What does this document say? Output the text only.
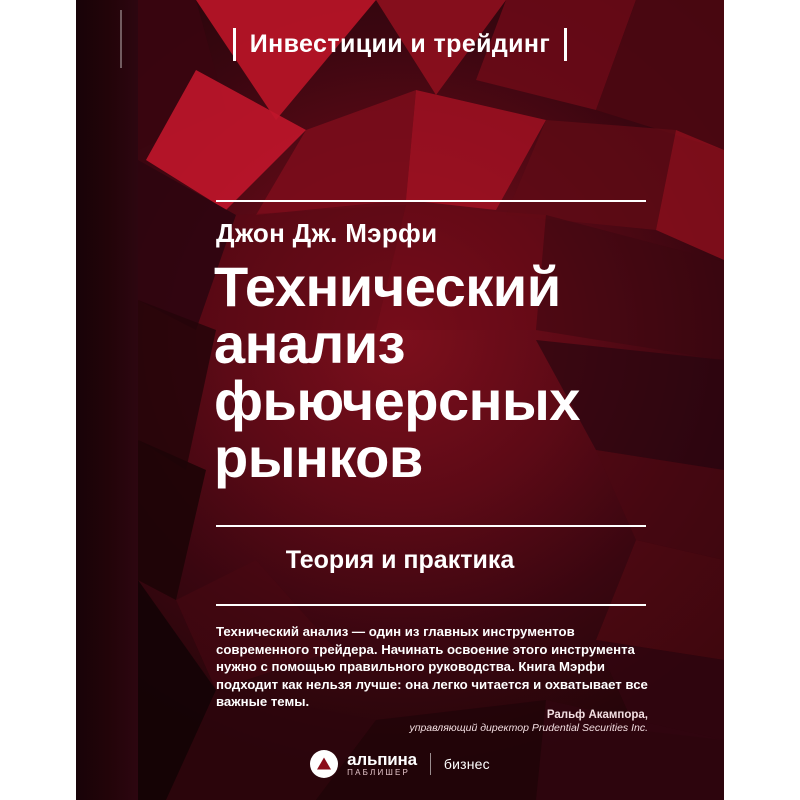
Инвестиции и трейдинг
Джон Дж. Мэрфи
Технический
анализ
фьючерсных
рынков
Теория и практика

Технический анализ — один из главных инструментов современного трейдера. Начинать освоение этого инструмента нужно с помощью правильного руководства. Книга Мэрфи подходит как нельзя лучше: она легко читается и охватывает все важные темы.

Ральф Акампора,
управляющий директор Prudential Securities Inc.
альпина
ПАБЛИШЕР
бизнес
